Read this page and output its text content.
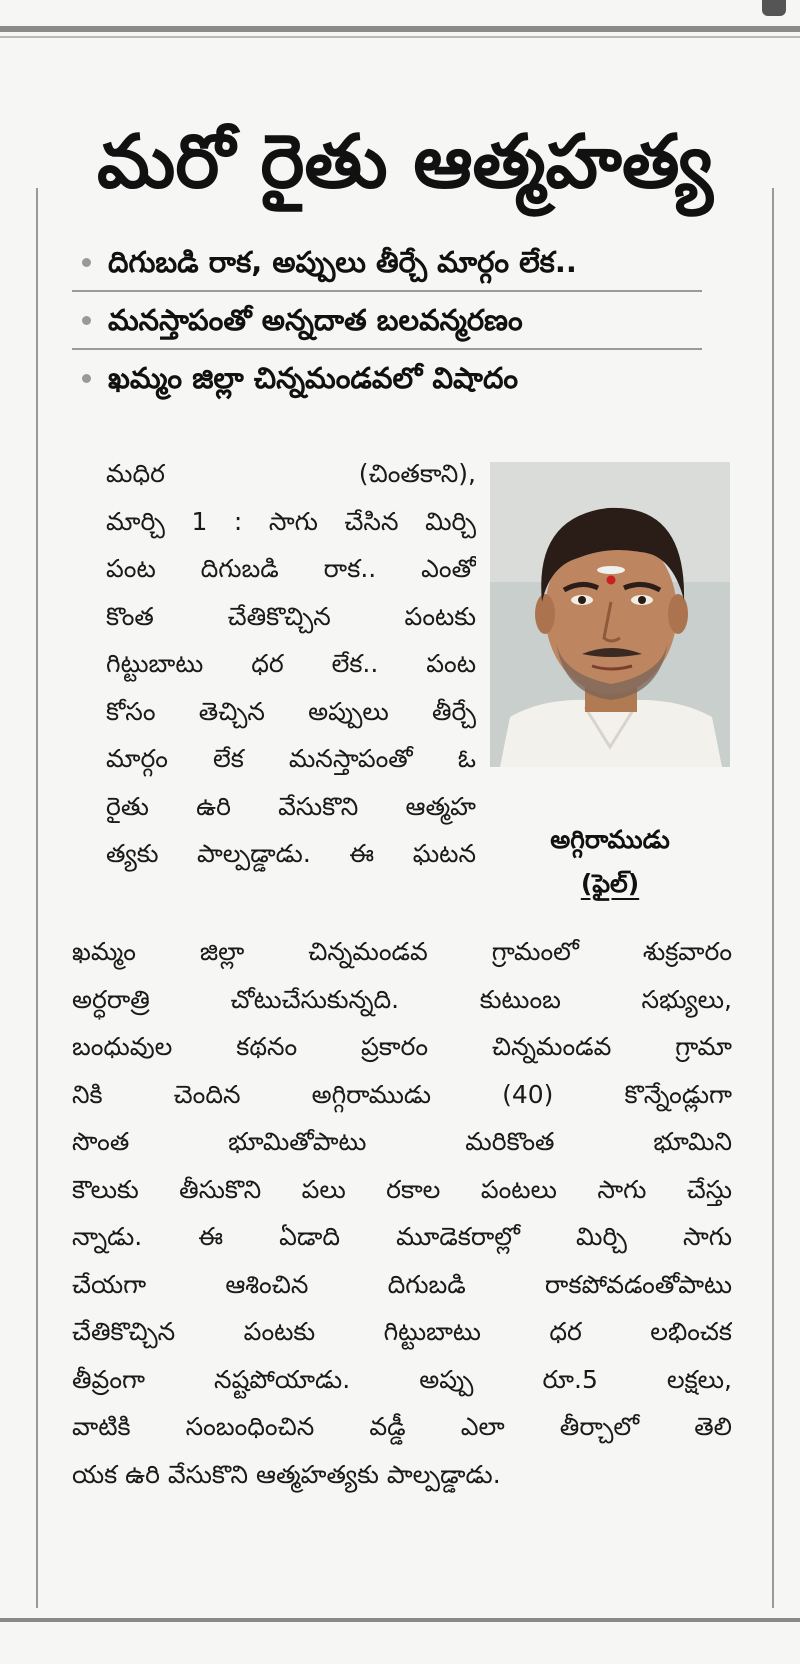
మరో రైతు ఆత్మహత్య
దిగుబడి రాక, అప్పులు తీర్చే మార్గం లేక..
మనస్తాపంతో అన్నదాత బలవన్మరణం
ఖమ్మం జిల్లా చిన్నమండవలో విషాదం
అగ్గిరాముడు
(ఫైల్)
మధిర (చింతకాని),
మార్చి 1 : సాగు చేసిన మిర్చి
పంట దిగుబడి రాక.. ఎంతో
కొంత చేతికొచ్చిన పంటకు
గిట్టుబాటు ధర లేక.. పంట
కోసం తెచ్చిన అప్పులు తీర్చే
మార్గం లేక మనస్తాపంతో ఓ
రైతు ఉరి వేసుకొని ఆత్మహ
త్యకు పాల్పడ్డాడు. ఈ ఘటన
ఖమ్మం జిల్లా చిన్నమండవ గ్రామంలో శుక్రవారం
అర్ధరాత్రి చోటుచేసుకున్నది. కుటుంబ సభ్యులు,
బంధువుల కథనం ప్రకారం చిన్నమండవ గ్రామా
నికి చెందిన అగ్గిరాముడు (40) కొన్నేండ్లుగా
సొంత భూమితోపాటు మరికొంత భూమిని
కౌలుకు తీసుకొని పలు రకాల పంటలు సాగు చేస్తు
న్నాడు. ఈ ఏడాది మూడెకరాల్లో మిర్చి సాగు
చేయగా ఆశించిన దిగుబడి రాకపోవడంతోపాటు
చేతికొచ్చిన పంటకు గిట్టుబాటు ధర లభించక
తీవ్రంగా నష్టపోయాడు. అప్పు రూ.5 లక్షలు,
వాటికి సంబంధించిన వడ్డీ ఎలా తీర్చాలో తెలి
యక ఉరి వేసుకొని ఆత్మహత్యకు పాల్పడ్డాడు.
